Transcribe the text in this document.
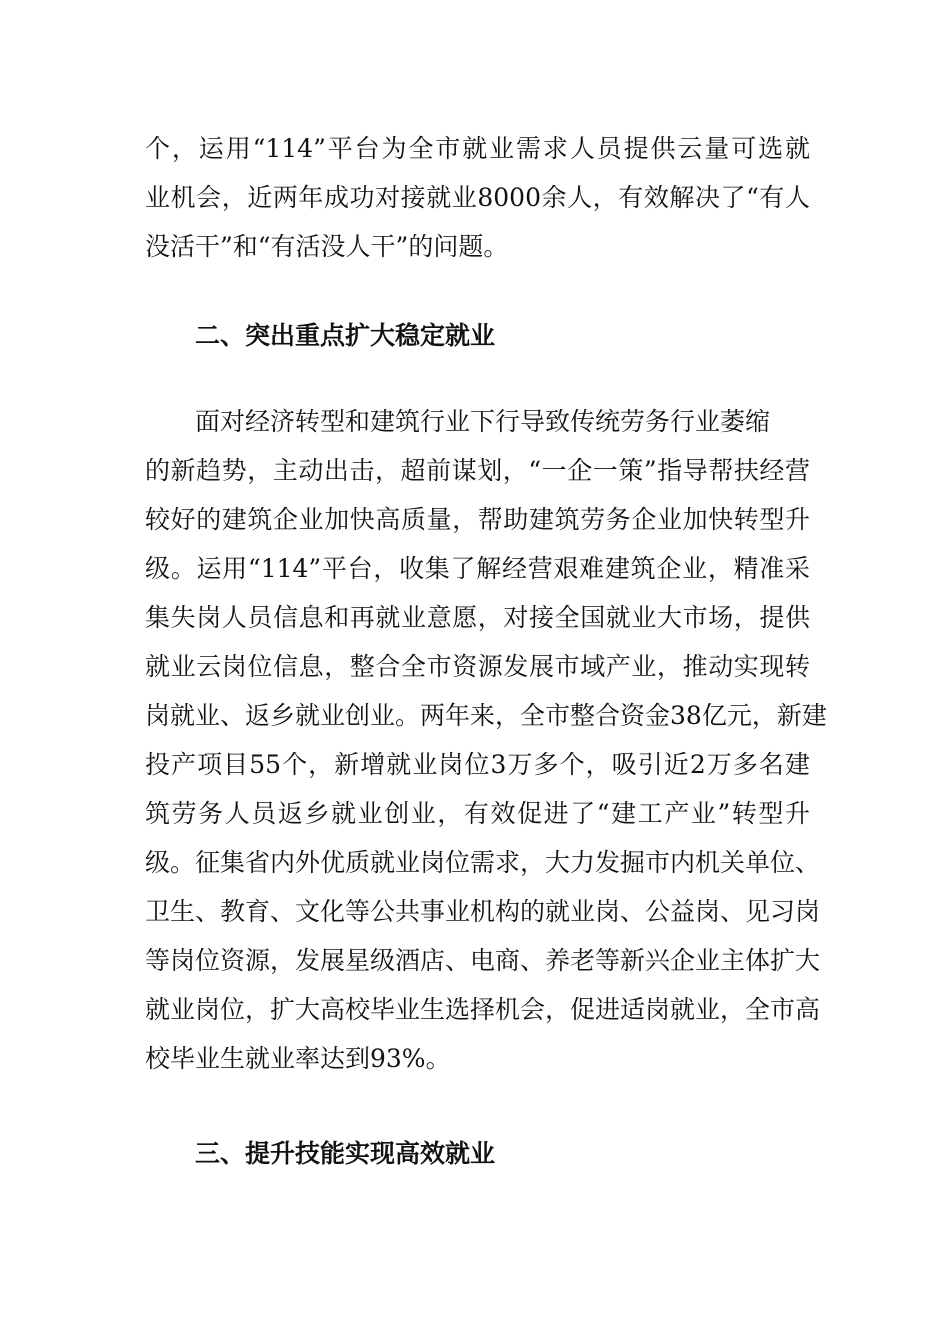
个，运用“114”平台为全市就业需求人员提供云量可选就
业机会，近两年成功对接就业8000余人，有效解决了“有人
没活干”和“有活没人干”的问题。
二、突出重点扩大稳定就业
面对经济转型和建筑行业下行导致传统劳务行业萎缩
的新趋势，主动出击，超前谋划，“一企一策”指导帮扶经营
较好的建筑企业加快高质量，帮助建筑劳务企业加快转型升
级。运用“114”平台，收集了解经营艰难建筑企业，精准采
集失岗人员信息和再就业意愿，对接全国就业大市场，提供
就业云岗位信息，整合全市资源发展市域产业，推动实现转
岗就业、返乡就业创业。两年来，全市整合资金38亿元，新建
投产项目55个，新增就业岗位3万多个，吸引近2万多名建
筑劳务人员返乡就业创业，有效促进了“建工产业”转型升
级。征集省内外优质就业岗位需求，大力发掘市内机关单位、
卫生、教育、文化等公共事业机构的就业岗、公益岗、见习岗
等岗位资源，发展星级酒店、电商、养老等新兴企业主体扩大
就业岗位，扩大高校毕业生选择机会，促进适岗就业，全市高
校毕业生就业率达到93%。
三、提升技能实现高效就业
